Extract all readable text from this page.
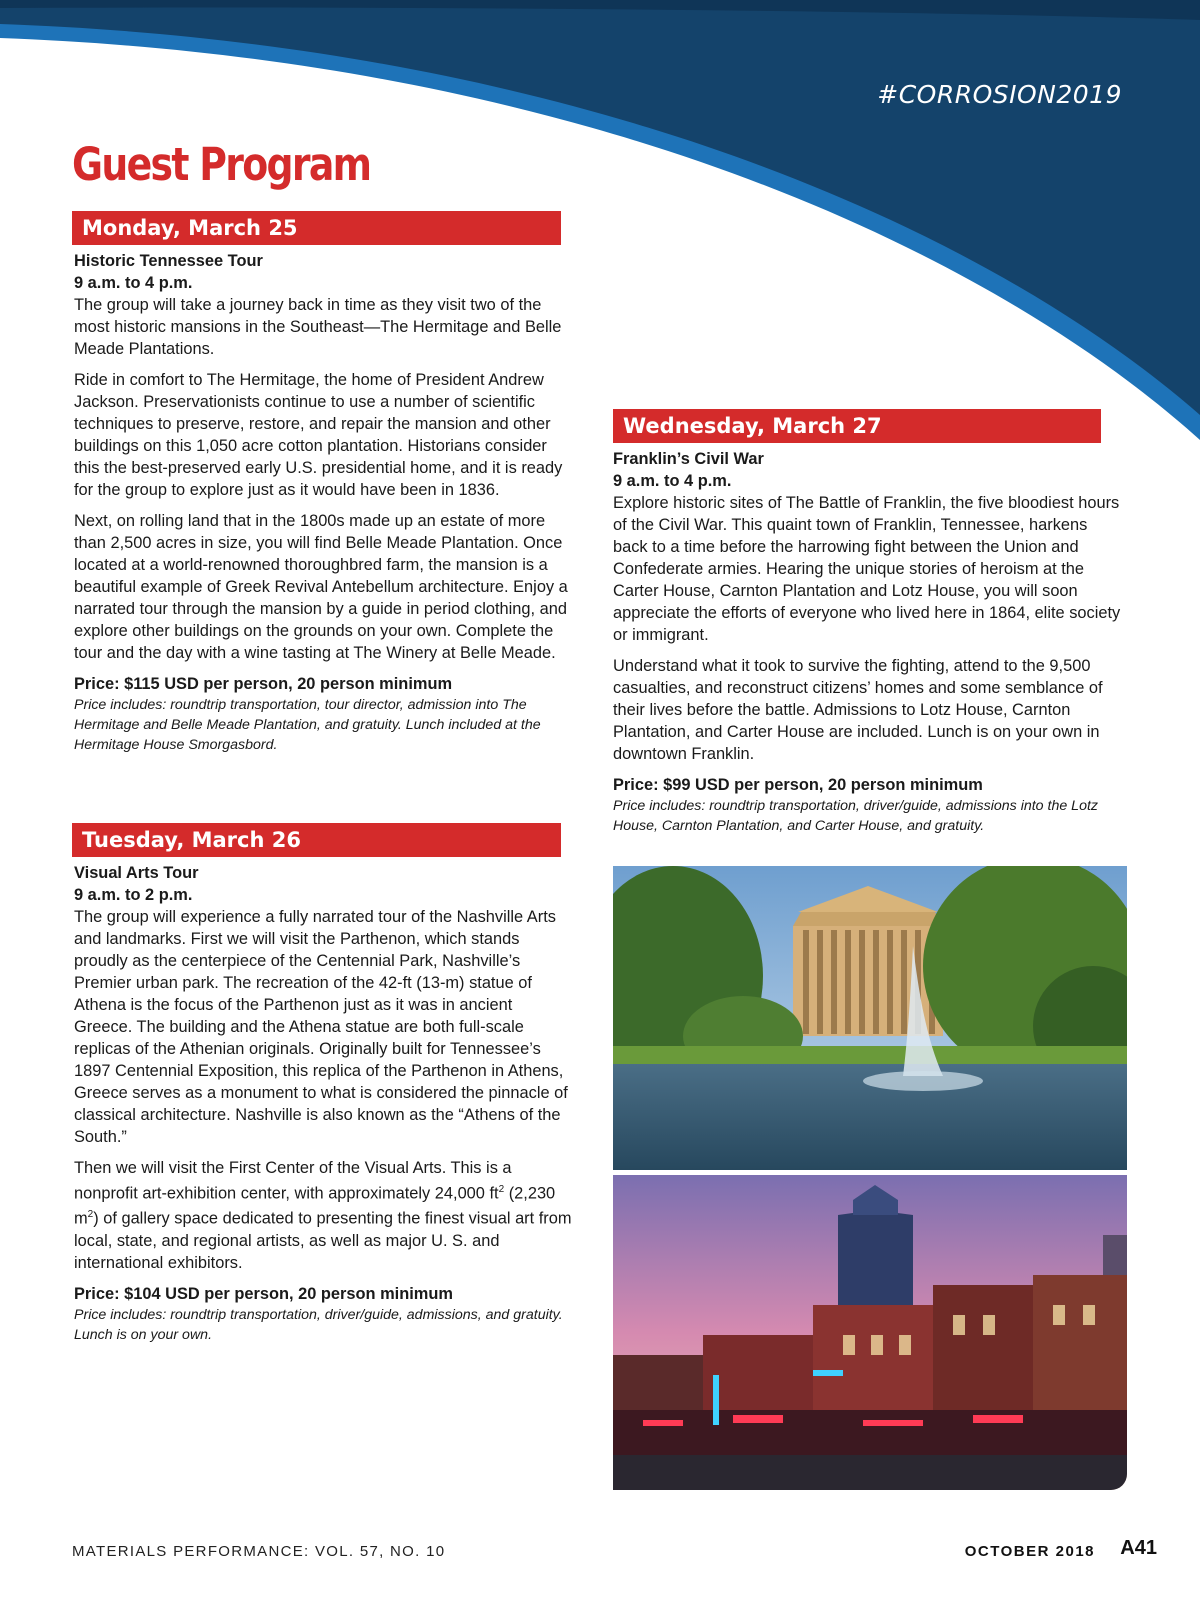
#CORROSION2019
Guest Program
Monday, March 25

Historic Tennessee Tour

9 a.m. to 4 p.m.

The group will take a journey back in time as they visit two of the most historic mansions in the Southeast—The Hermitage and Belle Meade Plantations.

Ride in comfort to The Hermitage, the home of President Andrew Jackson. Preservationists continue to use a number of scientific techniques to preserve, restore, and repair the mansion and other buildings on this 1,050 acre cotton plantation. Historians consider this the best-preserved early U.S. presidential home, and it is ready for the group to explore just as it would have been in 1836.

Next, on rolling land that in the 1800s made up an estate of more than 2,500 acres in size, you will find Belle Meade Plantation. Once located at a world-renowned thoroughbred farm, the mansion is a beautiful example of Greek Revival Antebellum architecture. Enjoy a narrated tour through the mansion by a guide in period clothing, and explore other buildings on the grounds on your own. Complete the tour and the day with a wine tasting at The Winery at Belle Meade.

Price: $115 USD per person, 20 person minimum

Price includes: roundtrip transportation, tour director, admission into The Hermitage and Belle Meade Plantation, and gratuity. Lunch included at the Hermitage House Smorgasbord.

Tuesday, March 26

Visual Arts Tour

9 a.m. to 2 p.m.

The group will experience a fully narrated tour of the Nashville Arts and landmarks. First we will visit the Parthenon, which stands proudly as the centerpiece of the Centennial Park, Nashville’s Premier urban park. The recreation of the 42-ft (13-m) statue of Athena is the focus of the Parthenon just as it was in ancient Greece. The building and the Athena statue are both full-scale replicas of the Athenian originals. Originally built for Tennessee’s 1897 Centennial Exposition, this replica of the Parthenon in Athens, Greece serves as a monument to what is considered the pinnacle of classical architecture. Nashville is also known as the “Athens of the South.”

Then we will visit the First Center of the Visual Arts. This is a nonprofit art-exhibition center, with approximately 24,000 $ft^2$ (2,230 $m^2$) of gallery space dedicated to presenting the finest visual art from local, state, and regional artists, as well as major U. S. and international exhibitors.

Price: $104 USD per person, 20 person minimum

Price includes: roundtrip transportation, driver/guide, admissions, and gratuity. Lunch is on your own.

Wednesday, March 27

Franklin’s Civil War

9 a.m. to 4 p.m.

Explore historic sites of The Battle of Franklin, the five bloodiest hours of the Civil War. This quaint town of Franklin, Tennessee, harkens back to a time before the harrowing fight between the Union and Confederate armies. Hearing the unique stories of heroism at the Carter House, Carnton Plantation and Lotz House, you will soon appreciate the efforts of everyone who lived here in 1864, elite society or immigrant.

Understand what it took to survive the fighting, attend to the 9,500 casualties, and reconstruct citizens’ homes and some semblance of their lives before the battle. Admissions to Lotz House, Carnton Plantation, and Carter House are included. Lunch is on your own in downtown Franklin.

Price: $99 USD per person, 20 person minimum

Price includes: roundtrip transportation, driver/guide, admissions into the Lotz House, Carnton Plantation, and Carter House, and gratuity.

MATERIALS PERFORMANCE: VOL. 57, NO. 10	OCTOBER 2018 A41
